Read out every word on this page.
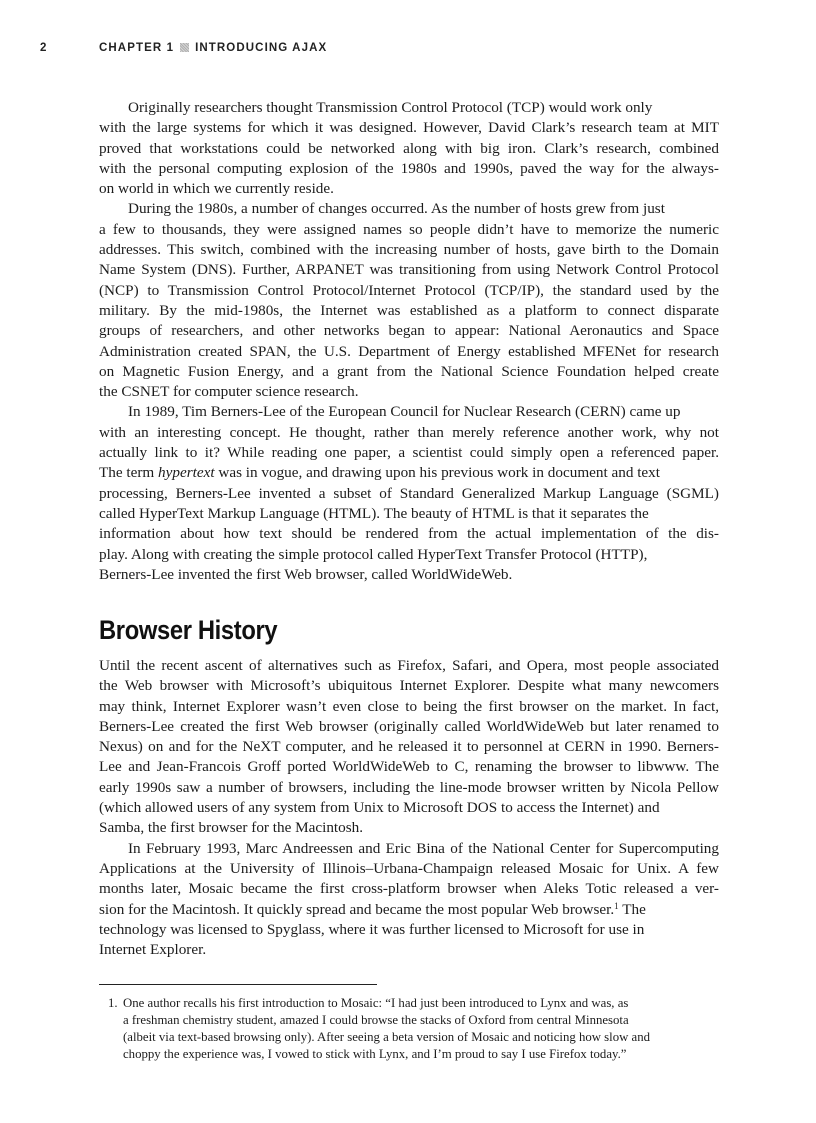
2	CHAPTER 1 INTRODUCING AJAX
Originally researchers thought Transmission Control Protocol (TCP) would work only
with the large systems for which it was designed. However, David Clark’s research team at MIT
proved that workstations could be networked along with big iron. Clark’s research, combined
with the personal computing explosion of the 1980s and 1990s, paved the way for the always-
on world in which we currently reside.
During the 1980s, a number of changes occurred. As the number of hosts grew from just
a few to thousands, they were assigned names so people didn’t have to memorize the numeric
addresses. This switch, combined with the increasing number of hosts, gave birth to the Domain
Name System (DNS). Further, ARPANET was transitioning from using Network Control Protocol
(NCP) to Transmission Control Protocol/Internet Protocol (TCP/IP), the standard used by the
military. By the mid-1980s, the Internet was established as a platform to connect disparate
groups of researchers, and other networks began to appear: National Aeronautics and Space
Administration created SPAN, the U.S. Department of Energy established MFENet for research
on Magnetic Fusion Energy, and a grant from the National Science Foundation helped create
the CSNET for computer science research.
In 1989, Tim Berners-Lee of the European Council for Nuclear Research (CERN) came up
with an interesting concept. He thought, rather than merely reference another work, why not
actually link to it? While reading one paper, a scientist could simply open a referenced paper.
The term hypertext was in vogue, and drawing upon his previous work in document and text
processing, Berners-Lee invented a subset of Standard Generalized Markup Language (SGML)
called HyperText Markup Language (HTML). The beauty of HTML is that it separates the
information about how text should be rendered from the actual implementation of the dis-
play. Along with creating the simple protocol called HyperText Transfer Protocol (HTTP),
Berners-Lee invented the first Web browser, called WorldWideWeb.
Browser History
Until the recent ascent of alternatives such as Firefox, Safari, and Opera, most people associated
the Web browser with Microsoft’s ubiquitous Internet Explorer. Despite what many newcomers
may think, Internet Explorer wasn’t even close to being the first browser on the market. In fact,
Berners-Lee created the first Web browser (originally called WorldWideWeb but later renamed to
Nexus) on and for the NeXT computer, and he released it to personnel at CERN in 1990. Berners-
Lee and Jean-Francois Groff ported WorldWideWeb to C, renaming the browser to libwww. The
early 1990s saw a number of browsers, including the line-mode browser written by Nicola Pellow
(which allowed users of any system from Unix to Microsoft DOS to access the Internet) and
Samba, the first browser for the Macintosh.
In February 1993, Marc Andreessen and Eric Bina of the National Center for Supercomputing
Applications at the University of Illinois–Urbana-Champaign released Mosaic for Unix. A few
months later, Mosaic became the first cross-platform browser when Aleks Totic released a ver-
sion for the Macintosh. It quickly spread and became the most popular Web browser.$^1$ The
technology was licensed to Spyglass, where it was further licensed to Microsoft for use in
Internet Explorer.
1. One author recalls his first introduction to Mosaic: “I had just been introduced to Lynx and was, as
a freshman chemistry student, amazed I could browse the stacks of Oxford from central Minnesota
(albeit via text-based browsing only). After seeing a beta version of Mosaic and noticing how slow and
choppy the experience was, I vowed to stick with Lynx, and I’m proud to say I use Firefox today.”
